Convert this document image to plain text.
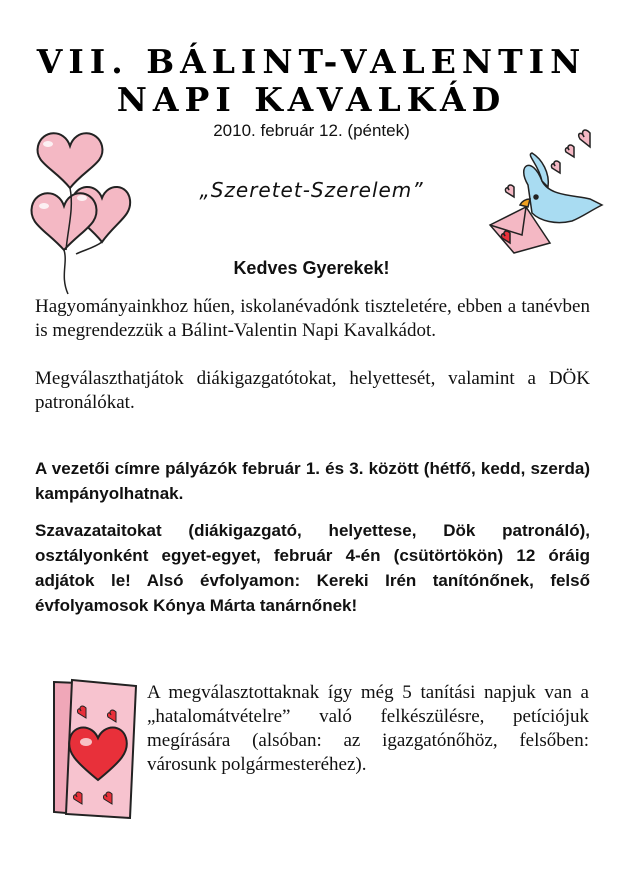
VII. BÁLINT-VALENTIN
NAPI KAVALKÁD
2010. február 12. (péntek)
„Szeretet-Szerelem”
Kedves Gyerekek!

Hagyományainkhoz hűen, iskolanévadónk tiszteletére, ebben a tanévben is megrendezzük a Bálint-Valentin Napi Kavalkádot.

Megválaszthatjátok diákigazgatótokat, helyettesét, valamint a DÖK patronálókat.

A vezetői címre pályázók február 1. és 3. között (hétfő, kedd, szerda) kampányolhatnak.

Szavazataitokat (diákigazgató, helyettese, Dök patronáló), osztályonként egyet-egyet, február 4-én (csütörtökön) 12 óráig adjátok le! Alsó évfolyamon: Kereki Irén tanítónőnek, felső évfolyamosok Kónya Márta tanárnőnek!

A megválasztottaknak így még 5 tanítási napjuk van a „hatalomátvételre” való felkészülésre, petíciójuk megírására (alsóban: az igazgatónőhöz, felsőben: városunk polgármesteréhez).
